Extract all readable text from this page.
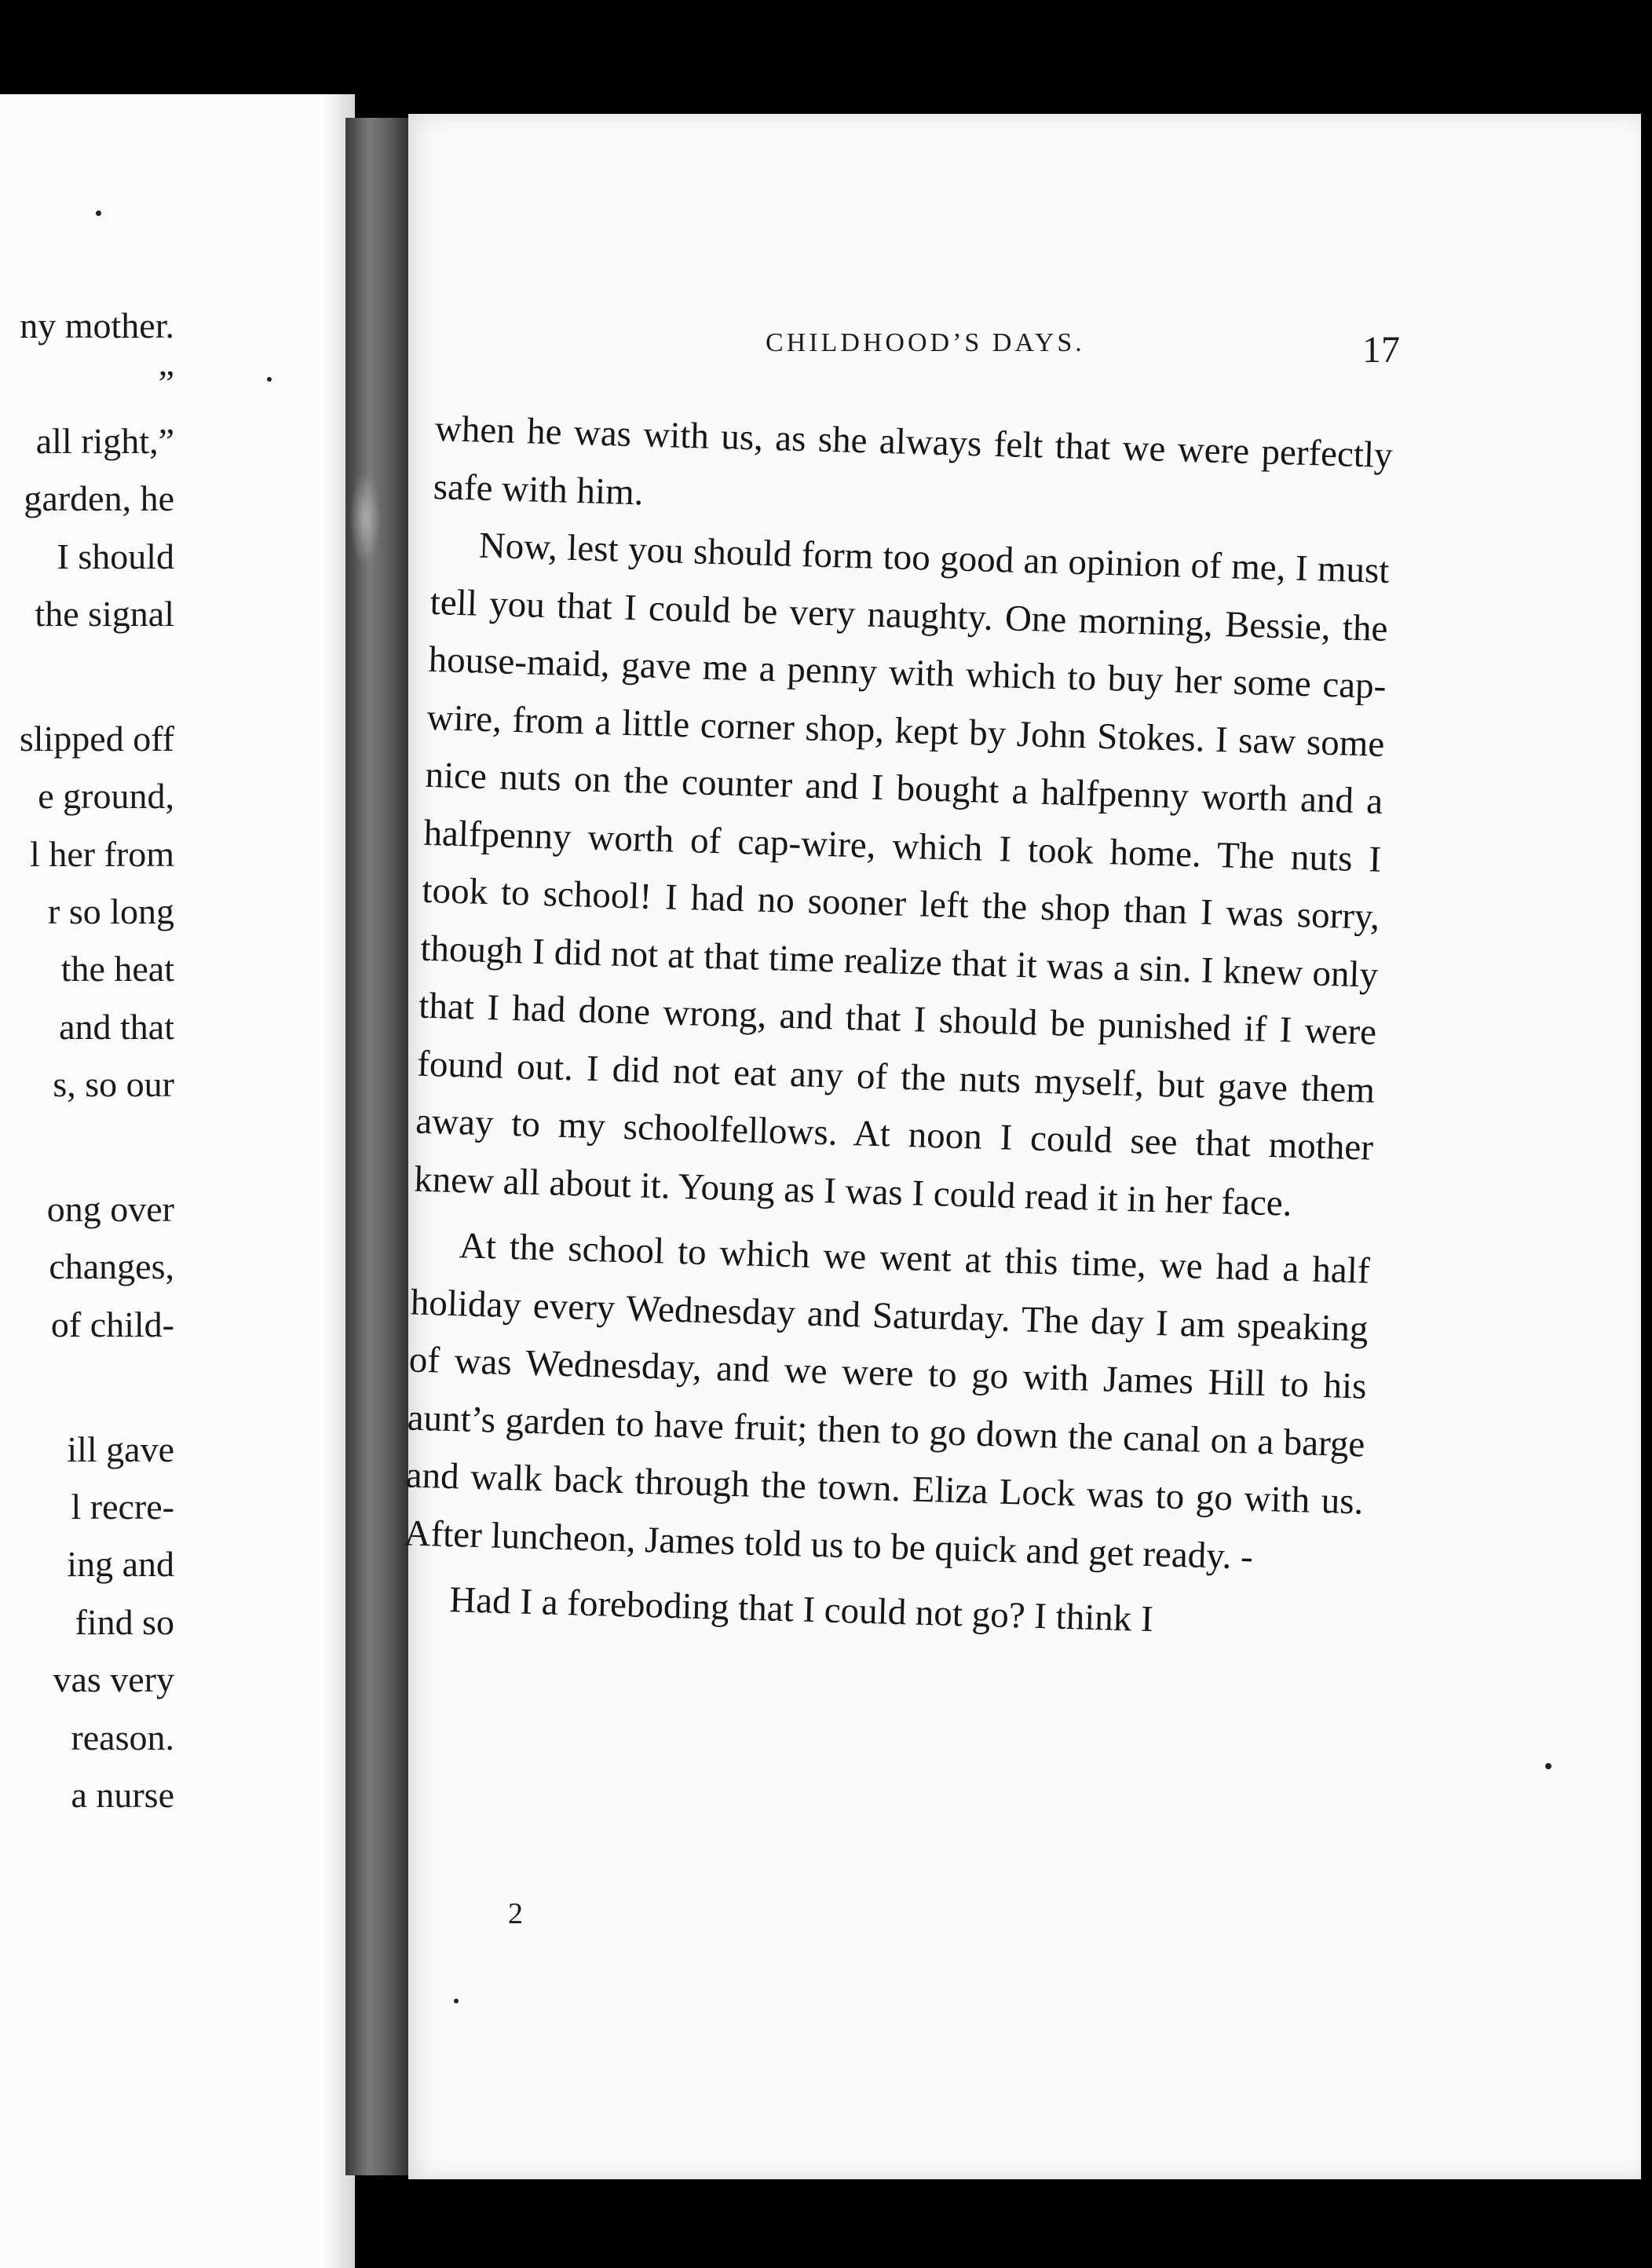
ny mother.
”
all right,”
garden, he
I should
the signal
slipped off
e ground,
l her from
r so long
the heat
and that
s, so our
ong over
changes,
of child-
ill gave
l recre-
ing and
find so
vas very
reason.
a nurse
CHILDHOOD’S DAYS.	17

when he was with us, as she always felt that we were perfectly safe with him.

Now, lest you should form too good an opinion of me, I must tell you that I could be very naughty. One morning, Bessie, the house-maid, gave me a penny with which to buy her some cap-wire, from a little corner shop, kept by John Stokes. I saw some nice nuts on the counter and I bought a halfpenny worth and a halfpenny worth of cap-wire, which I took home. The nuts I took to school! I had no sooner left the shop than I was sorry, though I did not at that time realize that it was a sin. I knew only that I had done wrong, and that I should be punished if I were found out. I did not eat any of the nuts myself, but gave them away to my schoolfellows. At noon I could see that mother knew all about it. Young as I was I could read it in her face.

At the school to which we went at this time, we had a half holiday every Wednesday and Saturday. The day I am speaking of was Wednesday, and we were to go with James Hill to his aunt’s garden to have fruit; then to go down the canal on a barge and walk back through the town. Eliza Lock was to go with us. After luncheon, James told us to be quick and get ready. -

Had I a foreboding that I could not go? I think I

2
